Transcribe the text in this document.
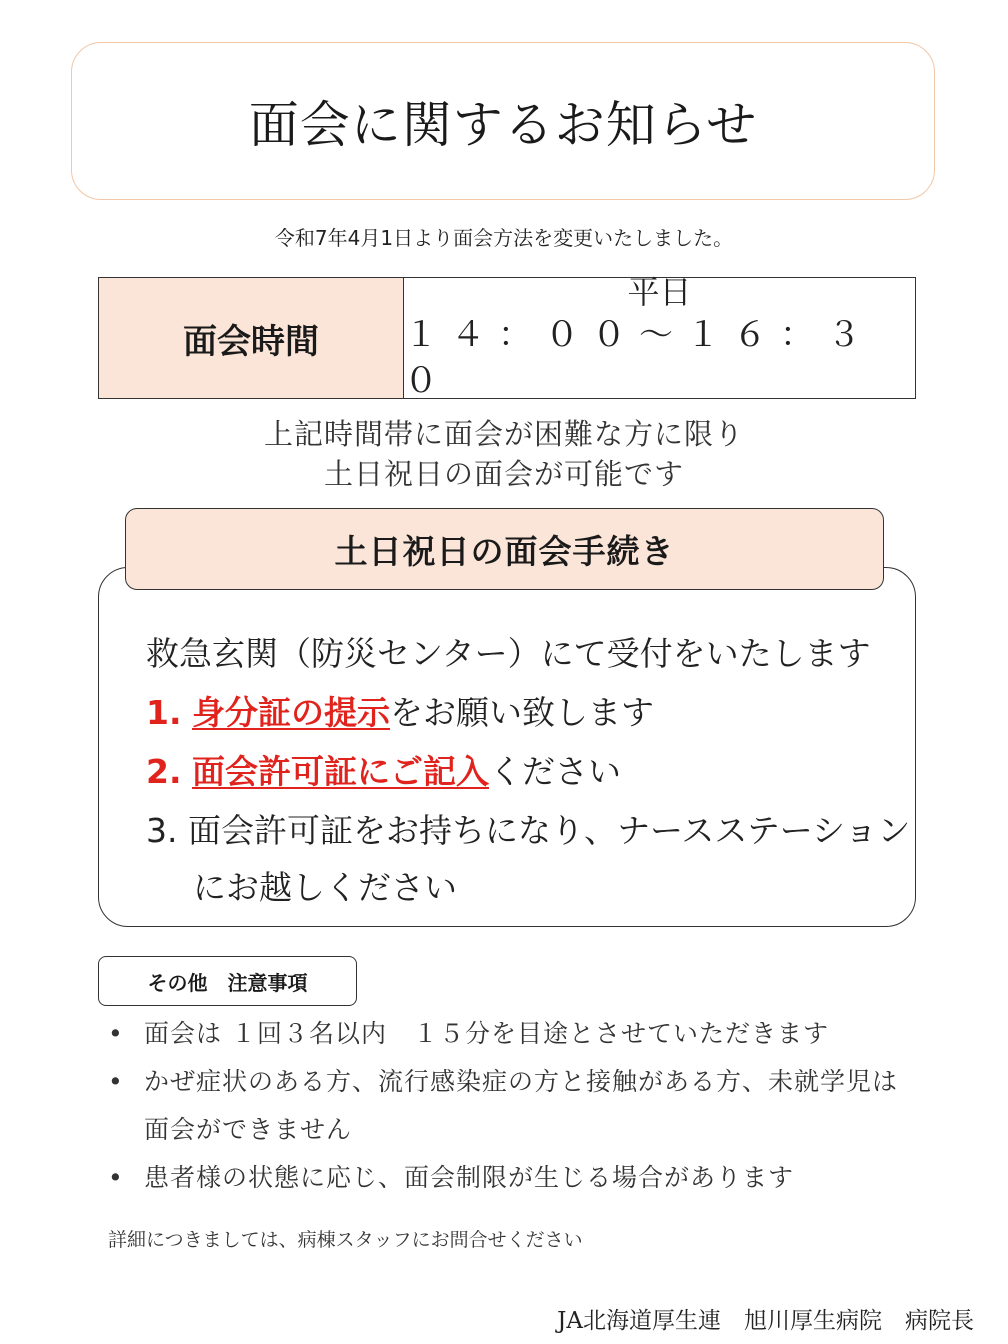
面会に関するお知らせ
令和7年4月1日より面会方法を変更いたしました。
面会時間
平日
１４：００～１６：３０
上記時間帯に面会が困難な方に限り
土日祝日の面会が可能です
土日祝日の面会手続き
救急玄関（防災センター）にて受付をいたします
1. 身分証の提示をお願い致します
2. 面会許可証にご記入ください
3. 面会許可証をお持ちになり、ナースステーション
にお越しください
その他　注意事項
• 面会は １回３名以内　１５分を目途とさせていただきます
• かぜ症状のある方、流行感染症の方と接触がある方、未就学児は
面会ができません
• 患者様の状態に応じ、面会制限が生じる場合があります
詳細につきましては、病棟スタッフにお問合せください
JA北海道厚生連　旭川厚生病院　病院長
